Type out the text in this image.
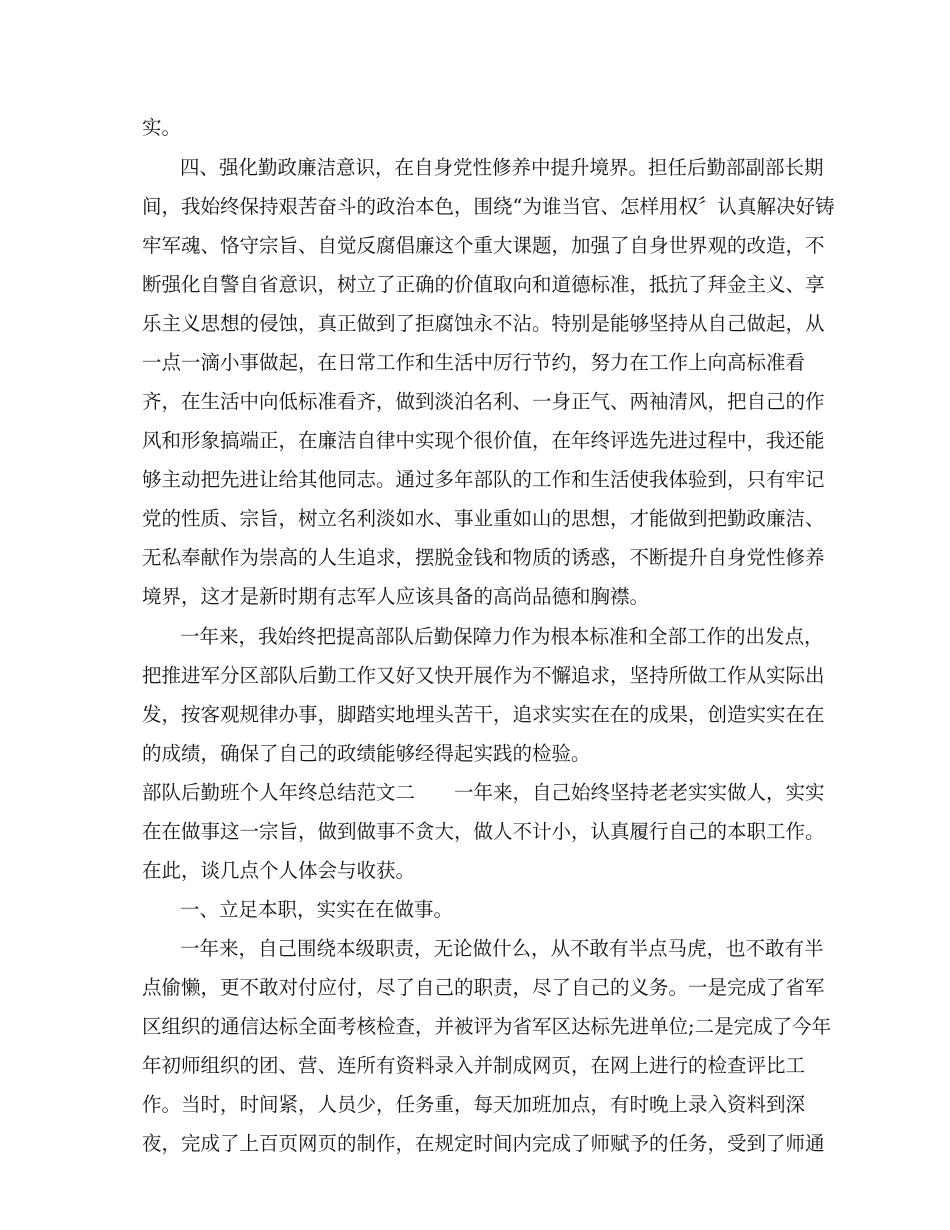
实。
四、强化勤政廉洁意识，在自身党性修养中提升境界。担任后勤部副部长期
间，我始终保持艰苦奋斗的政治本色，围绕“为谁当官、怎样用权〞认真解决好铸
牢军魂、恪守宗旨、自觉反腐倡廉这个重大课题，加强了自身世界观的改造，不
断强化自警自省意识，树立了正确的价值取向和道德标准，抵抗了拜金主义、享
乐主义思想的侵蚀，真正做到了拒腐蚀永不沾。特别是能够坚持从自己做起，从
一点一滴小事做起，在日常工作和生活中厉行节约，努力在工作上向高标准看
齐，在生活中向低标准看齐，做到淡泊名利、一身正气、两袖清风，把自己的作
风和形象搞端正，在廉洁自律中实现个很价值，在年终评选先进过程中，我还能
够主动把先进让给其他同志。通过多年部队的工作和生活使我体验到，只有牢记
党的性质、宗旨，树立名利淡如水、事业重如山的思想，才能做到把勤政廉洁、
无私奉献作为崇高的人生追求，摆脱金钱和物质的诱惑，不断提升自身党性修养
境界，这才是新时期有志军人应该具备的高尚品德和胸襟。
一年来，我始终把提高部队后勤保障力作为根本标准和全部工作的出发点，
把推进军分区部队后勤工作又好又快开展作为不懈追求，坚持所做工作从实际出
发，按客观规律办事，脚踏实地埋头苦干，追求实实在在的成果，创造实实在在
的成绩，确保了自己的政绩能够经得起实践的检验。
部队后勤班个人年终总结范文二　　一年来，自己始终坚持老老实实做人，实实
在在做事这一宗旨，做到做事不贪大，做人不计小，认真履行自己的本职工作。
在此，谈几点个人体会与收获。
一、立足本职，实实在在做事。
一年来，自己围绕本级职责，无论做什么，从不敢有半点马虎，也不敢有半
点偷懒，更不敢对付应付，尽了自己的职责，尽了自己的义务。一是完成了省军
区组织的通信达标全面考核检查，并被评为省军区达标先进单位;二是完成了今年
年初师组织的团、营、连所有资料录入并制成网页，在网上进行的检查评比工
作。当时，时间紧，人员少，任务重，每天加班加点，有时晚上录入资料到深
夜，完成了上百页网页的制作，在规定时间内完成了师赋予的任务，受到了师通
